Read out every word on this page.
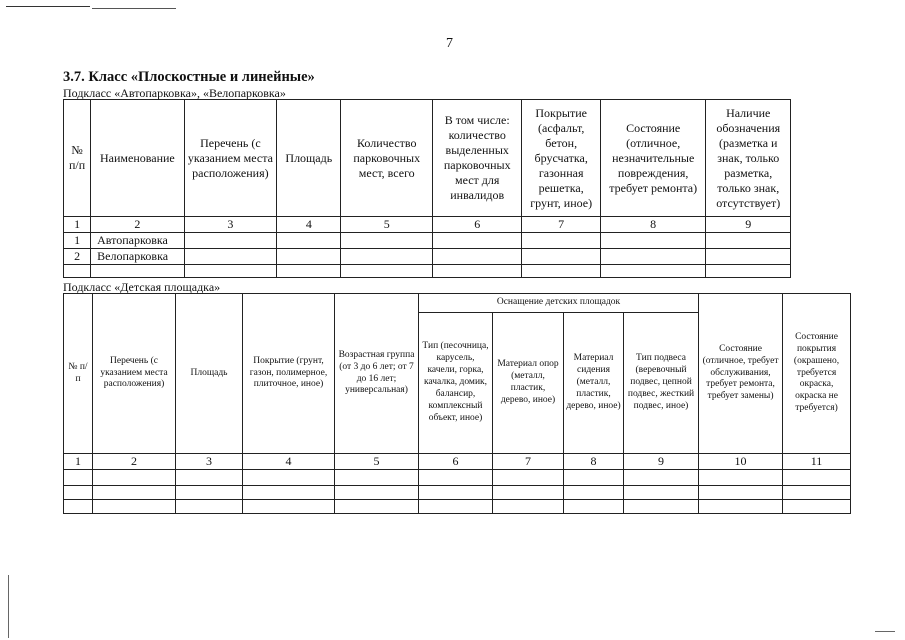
7
3.7. Класс «Плоскостные и линейные»
Подкласс «Автопарковка», «Велопарковка»
№ п/п	Наименование	Перечень (с указанием места расположения)	Площадь	Количество парковочных мест, всего	В том числе: количество выделенных парковочных мест для инвалидов	Покрытие (асфальт, бетон, брусчатка, газонная решетка, грунт, иное)	Состояние (отличное, незначительные повреждения, требует ремонта)	Наличие обозначения (разметка и знак, только разметка, только знак, отсутствует)
1	2	3	4	5	6	7	8	9
1	Автопарковка							
2	Велопарковка							

Подкласс «Детская площадка»
№ п/п	Перечень (с указанием места расположения)	Площадь	Покрытие (грунт, газон, полимерное, плиточное, иное)	Возрастная группа (от 3 до 6 лет; от 7 до 16 лет; универсальная)	Оснащение детских площадок				Состояние (отличное, требует обслуживания, требует ремонта, требует замены)	Состояние покрытия (окрашено, требуется окраска, окраска не требуется)
					Тип (песочница, карусель, качели, горка, качалка, домик, балансир, комплексный объект, иное)	Материал опор (металл, пластик, дерево, иное)	Материал сидения (металл, пластик, дерево, иное)	Тип подвеса (веревочный подвес, цепной подвес, жесткий подвес, иное)		
1	2	3	4	5	6	7	8	9	10	11
